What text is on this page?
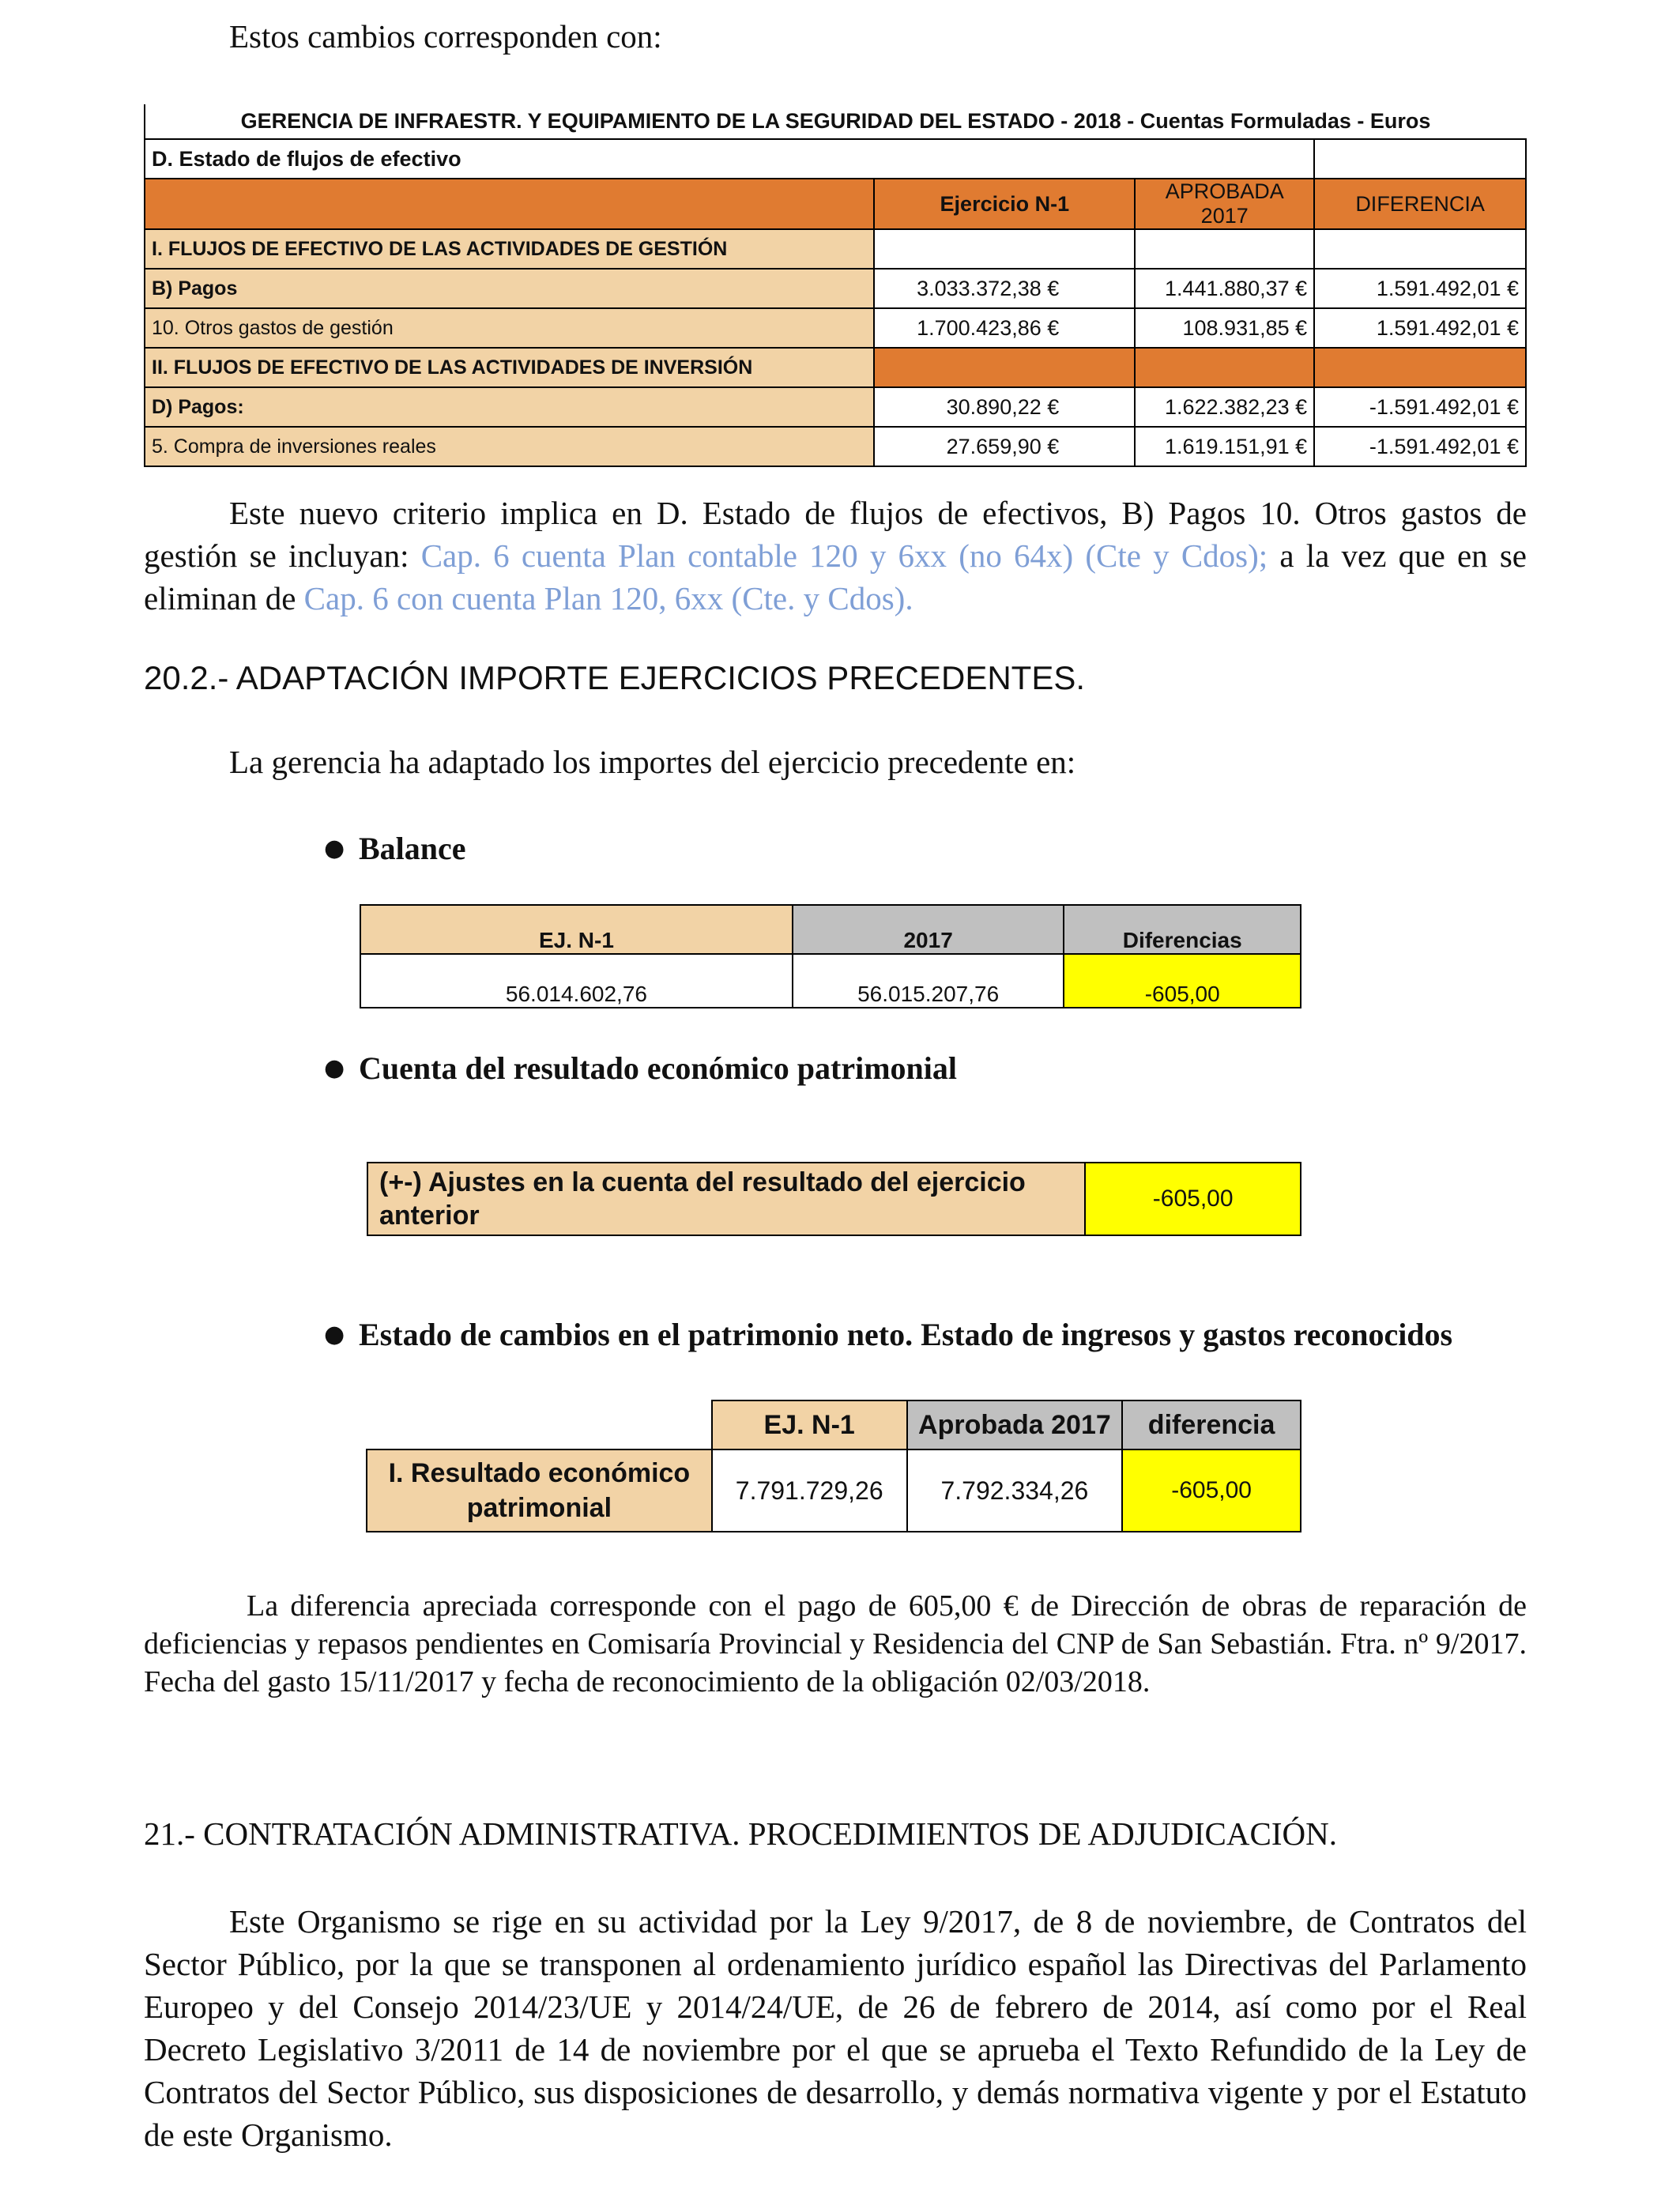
Estos cambios corresponden con:
GERENCIA DE INFRAESTR. Y EQUIPAMIENTO DE LA SEGURIDAD DEL ESTADO - 2018 - Cuentas Formuladas - Euros			
D. Estado de flujos de efectivo			
	Ejercicio N-1	APROBADA 2017	DIFERENCIA
I. FLUJOS DE EFECTIVO DE LAS ACTIVIDADES DE GESTIÓN			
B) Pagos	3.033.372,38 €	1.441.880,37 €	1.591.492,01 €
10. Otros gastos de gestión	1.700.423,86 €	108.931,85 €	1.591.492,01 €
II. FLUJOS DE EFECTIVO DE LAS ACTIVIDADES DE INVERSIÓN			
D) Pagos:	30.890,22 €	1.622.382,23 €	-1.591.492,01 €
5. Compra de inversiones reales	27.659,90 €	1.619.151,91 €	-1.591.492,01 €
Este nuevo criterio implica en D. Estado de flujos de efectivos, B) Pagos 10. Otros gastos de gestión se incluyan: Cap. 6 cuenta Plan contable 120 y 6xx (no 64x) (Cte y Cdos); a la vez que en se eliminan de Cap. 6 con cuenta Plan 120, 6xx (Cte. y Cdos).
20.2.- ADAPTACIÓN IMPORTE EJERCICIOS PRECEDENTES.
La gerencia ha adaptado los importes del ejercicio precedente en:
● Balance
EJ. N-1	2017	Diferencias
56.014.602,76	56.015.207,76	-605,00
● Cuenta del resultado económico patrimonial
(+-) Ajustes en la cuenta del resultado del ejercicio anterior	-605,00
● Estado de cambios en el patrimonio neto. Estado de ingresos y gastos reconocidos
	EJ. N-1	Aprobada 2017	diferencia
I. Resultado económico patrimonial	7.791.729,26	7.792.334,26	-605,00
La diferencia apreciada corresponde con el pago de 605,00 € de Dirección de obras de reparación de deficiencias y repasos pendientes en Comisaría Provincial y Residencia del CNP de San Sebastián. Ftra. nº 9/2017. Fecha del gasto 15/11/2017 y fecha de reconocimiento de la obligación 02/03/2018.
21.- CONTRATACIÓN ADMINISTRATIVA. PROCEDIMIENTOS DE ADJUDICACIÓN.
Este Organismo se rige en su actividad por la Ley 9/2017, de 8 de noviembre, de Contratos del Sector Público, por la que se transponen al ordenamiento jurídico español las Directivas del Parlamento Europeo y del Consejo 2014/23/UE y 2014/24/UE, de 26 de febrero de 2014, así como por el Real Decreto Legislativo 3/2011 de 14 de noviembre por el que se aprueba el Texto Refundido de la Ley de Contratos del Sector Público, sus disposiciones de desarrollo, y demás normativa vigente y por el Estatuto de este Organismo.
